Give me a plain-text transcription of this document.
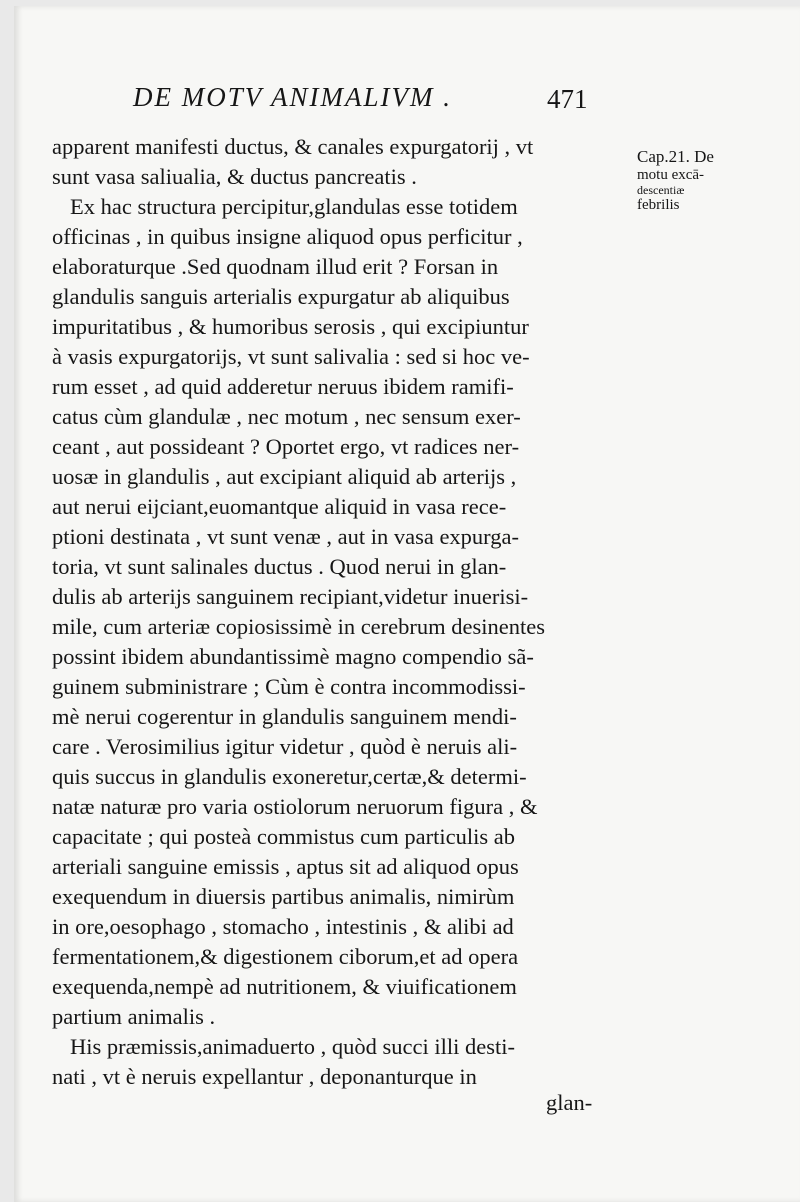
DE MOTV ANIMALIVM .	471
Cap.21. De
motu excā-
descentiæ
febrilis
apparent manifesti ductus, & canales expurgatorij , vt
sunt vasa saliualia, & ductus pancreatis .
Ex hac structura percipitur,glandulas esse totidem
officinas , in quibus insigne aliquod opus perficitur ,
elaboraturque .Sed quodnam illud erit ? Forsan in
glandulis sanguis arterialis expurgatur ab aliquibus
impuritatibus , & humoribus serosis , qui excipiuntur
à vasis expurgatorijs, vt sunt salivalia : sed si hoc ve-
rum esset , ad quid adderetur neruus ibidem ramifi-
catus cùm glandulæ , nec motum , nec sensum exer-
ceant , aut possideant ? Oportet ergo, vt radices ner-
uosæ in glandulis , aut excipiant aliquid ab arterijs ,
aut nerui eijciant,euomantque aliquid in vasa rece-
ptioni destinata , vt sunt venæ , aut in vasa expurga-
toria, vt sunt salinales ductus . Quod nerui in glan-
dulis ab arterijs sanguinem recipiant,videtur inuerisi-
mile, cum arteriæ copiosissimè in cerebrum desinentes
possint ibidem abundantissimè magno compendio sã-
guinem subministrare ; Cùm è contra incommodissi-
mè nerui cogerentur in glandulis sanguinem mendi-
care . Verosimilius igitur videtur , quòd è neruis ali-
quis succus in glandulis exoneretur,certæ,& determi-
natæ naturæ pro varia ostiolorum neruorum figura , &
capacitate ; qui posteà commistus cum particulis ab
arteriali sanguine emissis , aptus sit ad aliquod opus
exequendum in diuersis partibus animalis, nimirùm
in ore,oesophago , stomacho , intestinis , & alibi ad
fermentationem,& digestionem ciborum,et ad opera
exequenda,nempè ad nutritionem, & viuificationem
partium animalis .
His præmissis,animaduerto , quòd succi illi desti-
nati , vt è neruis expellantur , deponanturque in
glan-
